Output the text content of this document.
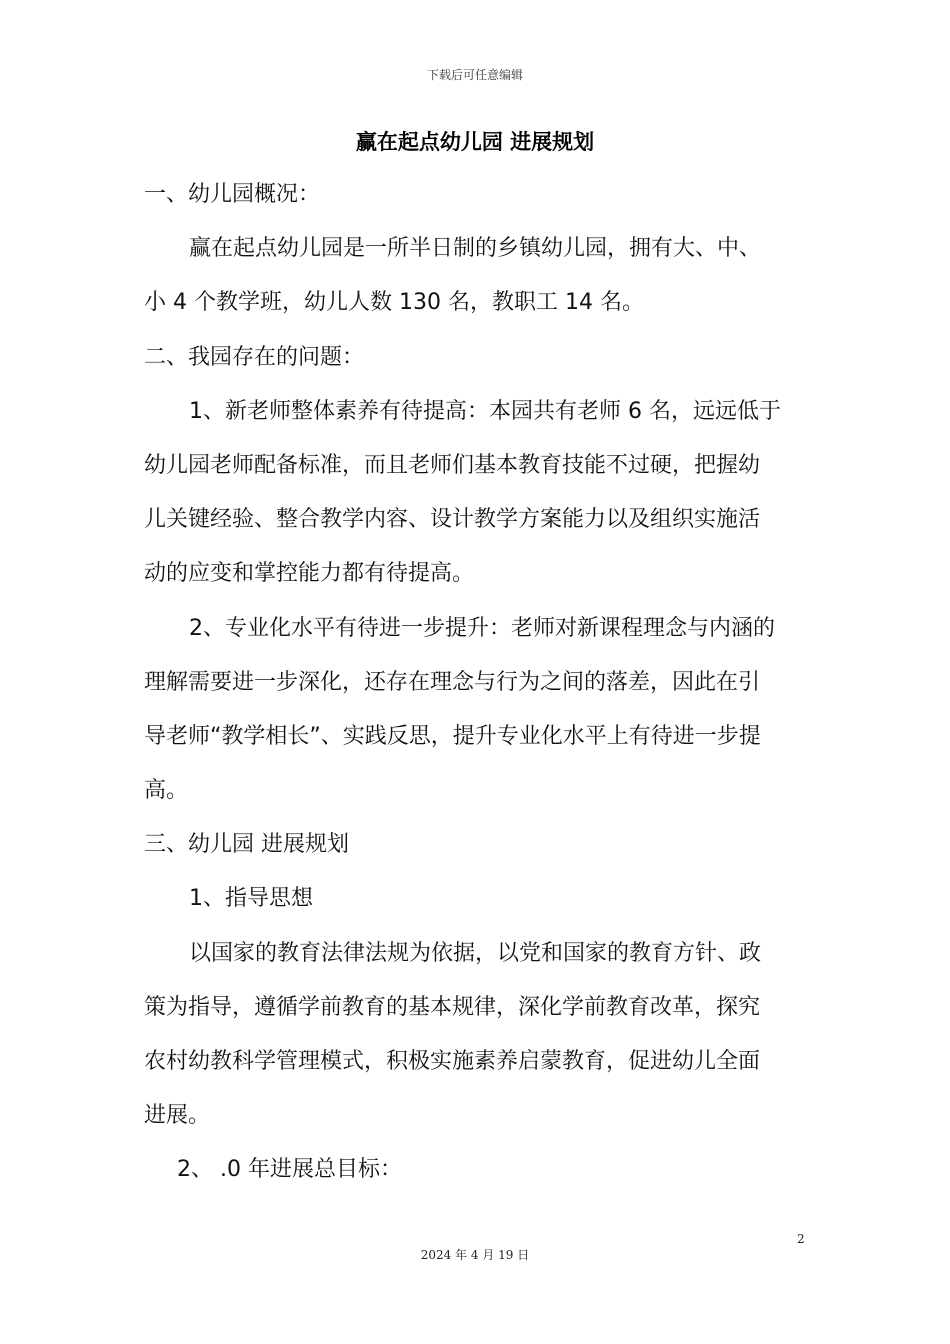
下载后可任意编辑
赢在起点幼儿园 进展规划
一、幼儿园概况：
赢在起点幼儿园是一所半日制的乡镇幼儿园，拥有大、中、
小 4 个教学班，幼儿人数 130 名，教职工 14 名。
二、我园存在的问题：
1、新老师整体素养有待提高：本园共有老师 6 名，远远低于
幼儿园老师配备标准，而且老师们基本教育技能不过硬，把握幼
儿关键经验、整合教学内容、设计教学方案能力以及组织实施活
动的应变和掌控能力都有待提高。
2、专业化水平有待进一步提升：老师对新课程理念与内涵的
理解需要进一步深化，还存在理念与行为之间的落差，因此在引
导老师“教学相长”、实践反思，提升专业化水平上有待进一步提
高。
三、幼儿园 进展规划
1、指导思想
以国家的教育法律法规为依据，以党和国家的教育方针、政
策为指导，遵循学前教育的基本规律，深化学前教育改革，探究
农村幼教科学管理模式，积极实施素养启蒙教育，促进幼儿全面
进展。
2、 .0 年进展总目标：
2
2024 年 4 月 19 日
